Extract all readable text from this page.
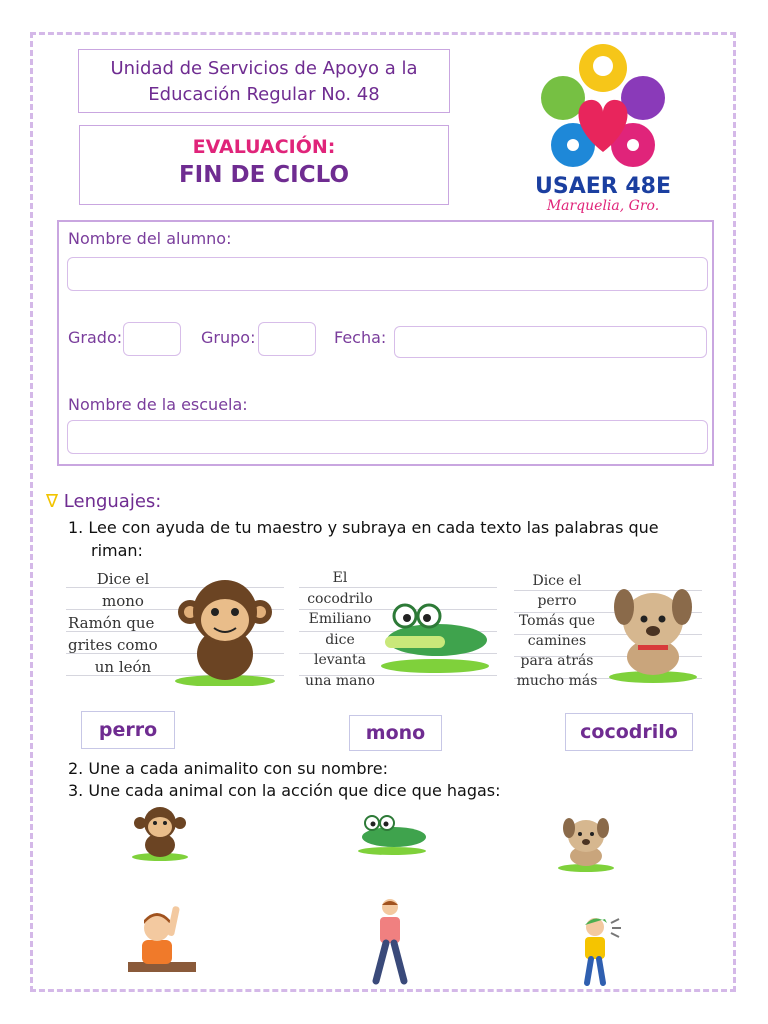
Unidad de Servicios de Apoyo a la
Educación Regular No. 48
EVALUACIÓN:
FIN DE CICLO	USAER 48E
Marquelia, Gro.
Nombre del alumno:
Grado:	Grupo:	Fecha:
Nombre de la escuela:
∇ Lenguajes:
1. Lee con ayuda de tu maestro y subraya en cada texto las palabras que
riman:
Dice el
mono
Ramón que
grites como
un león
El
cocodrilo
Emiliano
dice
levanta
una mano
Dice el
perro
Tomás que
camines
para atrás
mucho más
perro	mono	cocodrilo
2. Une a cada animalito con su nombre:
3. Une cada animal con la acción que dice que hagas:
